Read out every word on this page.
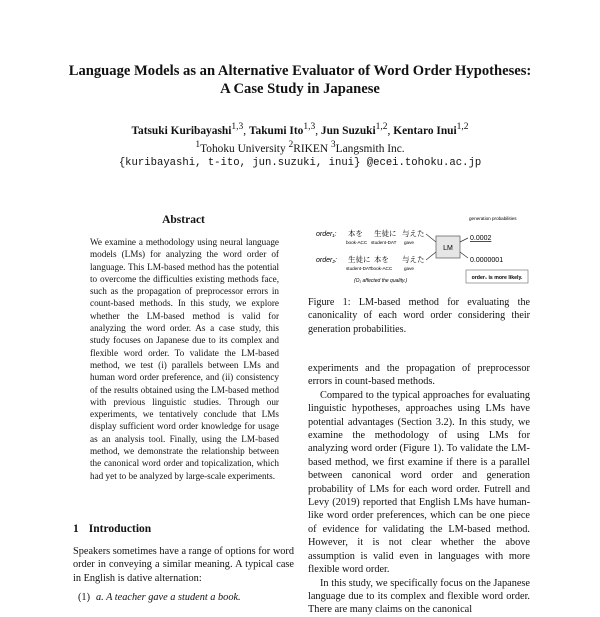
Language Models as an Alternative Evaluator of Word Order Hypotheses:
A Case Study in Japanese
Tatsuki Kuribayashi$^{1,3}$, Takumi Ito$^{1,3}$, Jun Suzuki$^{1,2}$, Kentaro Inui$^{1,2}$
$^1$Tohoku University $^2$RIKEN $^3$Langsmith Inc.
{kuribayashi, t-ito, jun.suzuki, inui} @ecei.tohoku.ac.jp
Abstract
We examine a methodology using neural language models (LMs) for analyzing the word order of language. This LM-based method has the potential to overcome the difficulties existing methods face, such as the propagation of preprocessor errors in count-based methods. In this study, we explore whether the LM-based method is valid for analyzing the word order. As a case study, this study focuses on Japanese due to its complex and flexible word order. To validate the LM-based method, we test (i) parallels between LMs and human word order preference, and (ii) consistency of the results obtained using the LM-based method with previous linguistic studies. Through our experiments, we tentatively conclude that LMs display sufficient word order knowledge for usage as an analysis tool. Finally, using the LM-based method, we demonstrate the relationship between the canonical word order and topicalization, which had yet to be analyzed by large-scale experiments.
1 Introduction
Speakers sometimes have a range of options for word order in conveying a similar meaning. A typical case in English is dative alternation:
(1) a. A teacher gave a student a book.
order₁: 本を 生徒に 与えた
book-ACC student-DAT gave
order₂: 生徒に 本を 与えた
student-DAT book-ACC	gave
(O₁ affected the quality.)
LM
generation probabilities
0.0002
0.0000001
order₁ is more likely.
Figure 1: LM-based method for evaluating the canonicality of each word order considering their generation probabilities.

experiments and the propagation of preprocessor errors in count-based methods.

Compared to the typical approaches for evaluating linguistic hypotheses, approaches using LMs have potential advantages (Section 3.2). In this study, we examine the methodology of using LMs for analyzing word order (Figure 1). To validate the LM-based method, we first examine if there is a parallel between canonical word order and generation probability of LMs for each word order. Futrell and Levy (2019) reported that English LMs have human-like word order preferences, which can be one piece of evidence for validating the LM-based method. However, it is not clear whether the above assumption is valid even in languages with more flexible word order.

In this study, we specifically focus on the Japanese language due to its complex and flexible word order. There are many claims on the canonical
